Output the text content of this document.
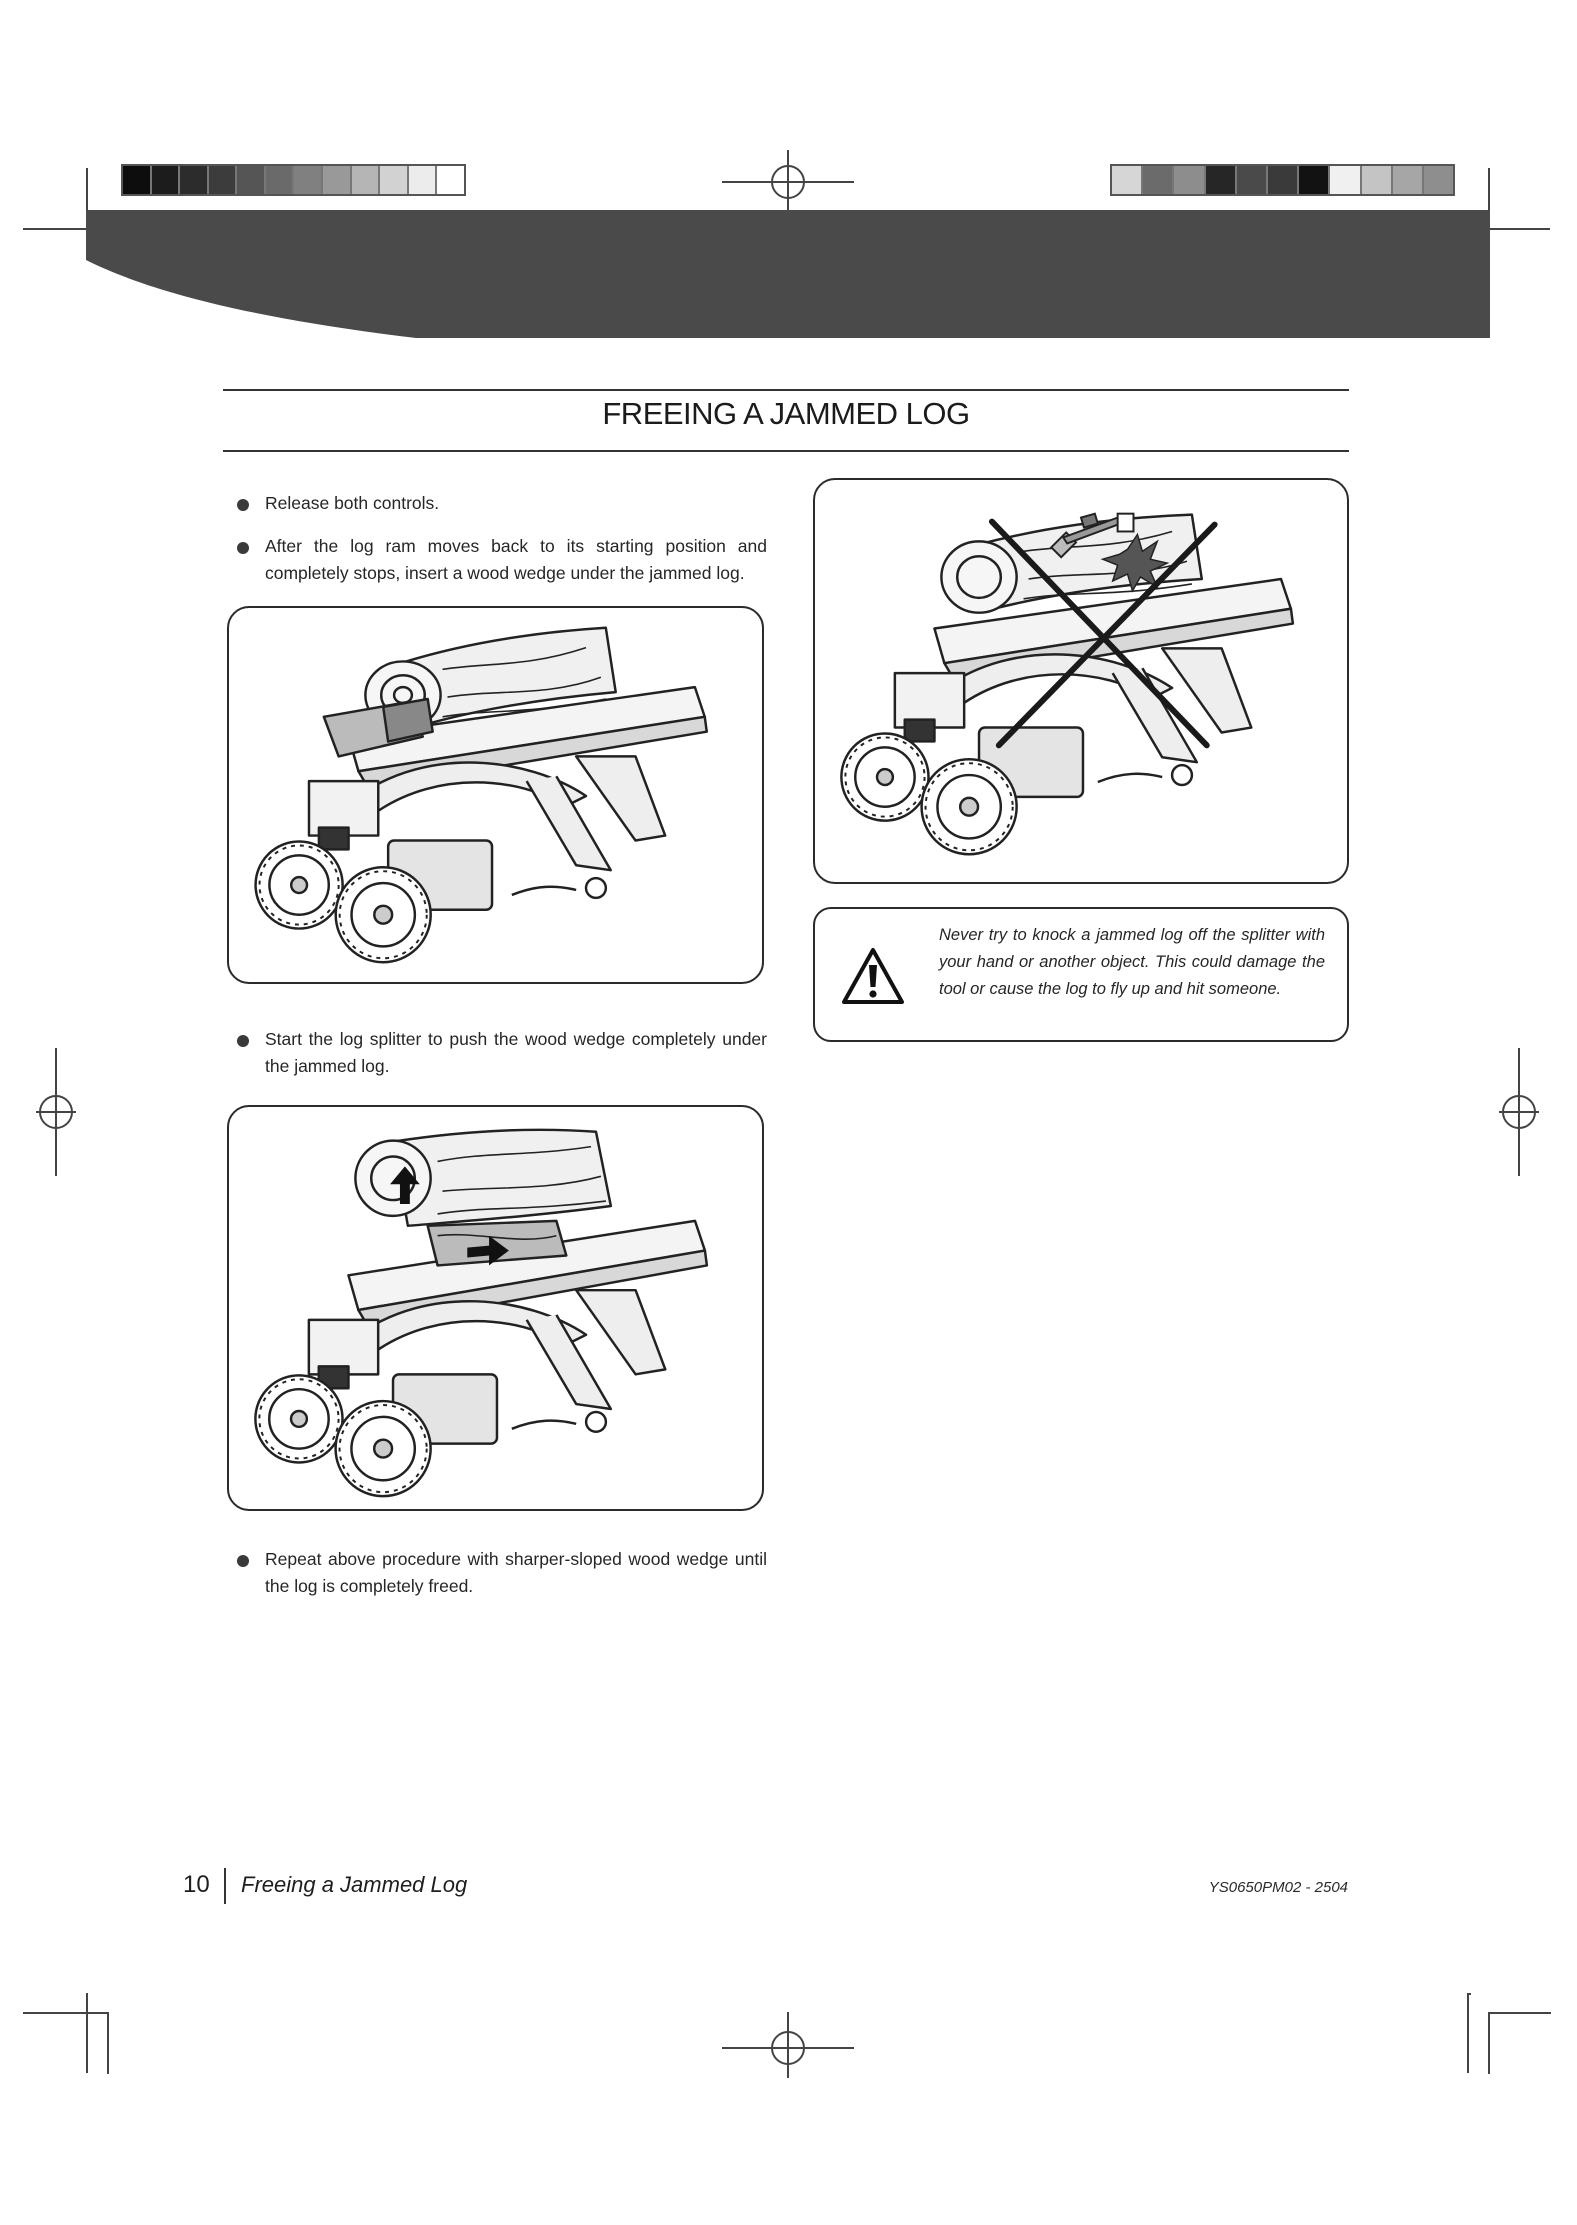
FREEING A JAMMED LOG
Release both controls.
After the log ram moves back to its starting position and completely stops, insert a wood wedge under the jammed log.
Start the log splitter to push the wood wedge completely under the jammed log.
Repeat above procedure with sharper-sloped wood wedge until the log is completely freed.
Never try to knock a jammed log off the splitter with your hand or another object. This could damage the tool or cause the log to fly up and hit someone.
10 Freeing a Jammed Log	YS0650PM02 - 2504
